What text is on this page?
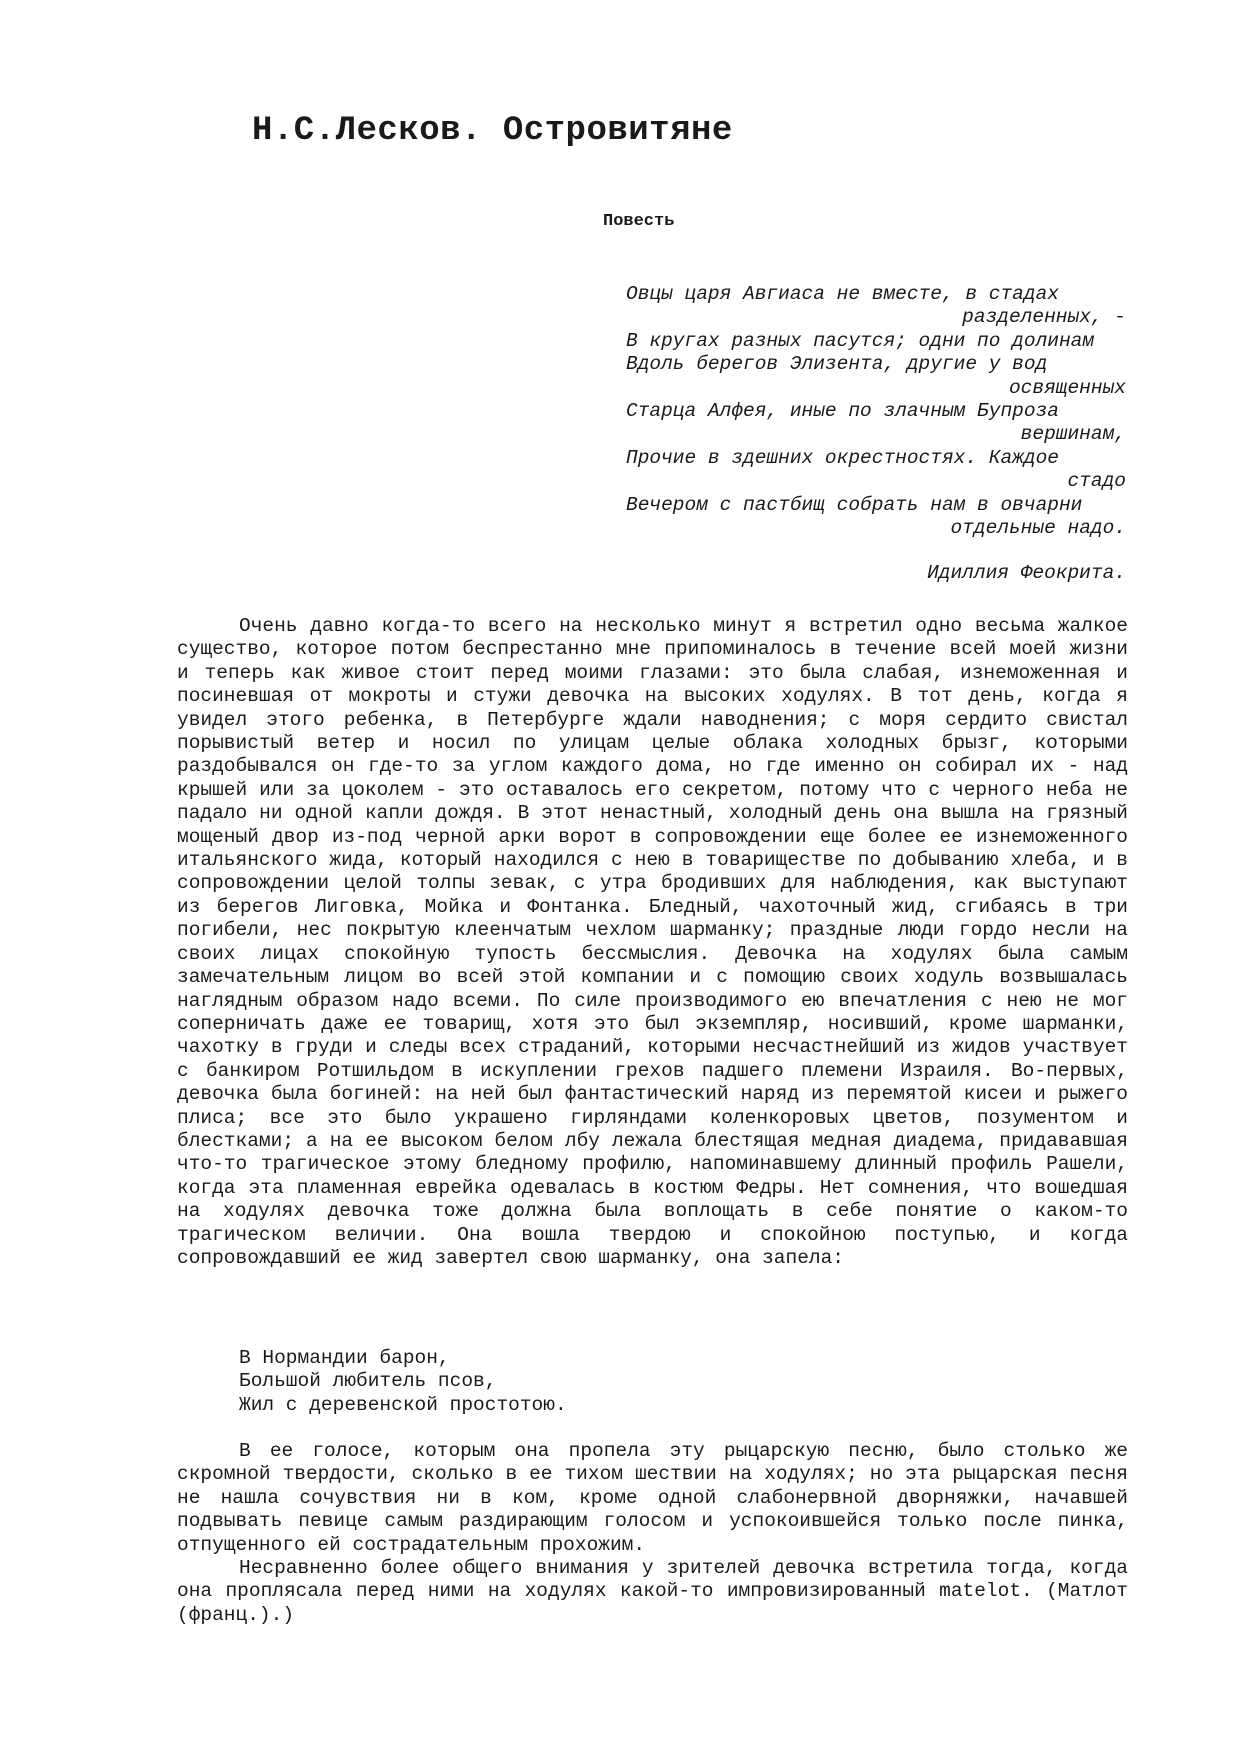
Н.С.Лесков. Островитяне
Повесть
Овцы царя Авгиаса не вместе, в стадах
разделенных, -
В кругах разных пасутся; одни по долинам
Вдоль берегов Элизента, другие у вод
освященных
Старца Алфея, иные по злачным Бупроза
вершинам,
Прочие в здешних окрестностях. Каждое
стадо
Вечером с пастбищ собрать нам в овчарни
отдельные надо.
Идиллия Феокрита.

Очень давно когда-то всего на несколько минут я встретил одно весьма жалкое существо, которое потом беспрестанно мне припоминалось в течение всей моей жизни и теперь как живое стоит перед моими глазами: это была слабая, изнеможенная и посиневшая от мокроты и стужи девочка на высоких ходулях. В тот день, когда я увидел этого ребенка, в Петербурге ждали наводнения; с моря сердито свистал порывистый ветер и носил по улицам целые облака холодных брызг, которыми раздобывался он где-то за углом каждого дома, но где именно он собирал их - над крышей или за цоколем - это оставалось его секретом, потому что с черного неба не падало ни одной капли дождя. В этот ненастный, холодный день она вышла на грязный мощеный двор из-под черной арки ворот в сопровождении еще более ее изнеможенного итальянского жида, который находился с нею в товариществе по добыванию хлеба, и в сопровождении целой толпы зевак, с утра бродивших для наблюдения, как выступают из берегов Лиговка, Мойка и Фонтанка. Бледный, чахоточный жид, сгибаясь в три погибели, нес покрытую клеенчатым чехлом шарманку; праздные люди гордо несли на своих лицах спокойную тупость бессмыслия. Девочка на ходулях была самым замечательным лицом во всей этой компании и с помощию своих ходуль возвышалась наглядным образом надо всеми. По силе производимого ею впечатления с нею не мог соперничать даже ее товарищ, хотя это был экземпляр, носивший, кроме шарманки, чахотку в груди и следы всех страданий, которыми несчастнейший из жидов участвует с банкиром Ротшильдом в искуплении грехов падшего племени Израиля. Во-первых, девочка была богиней: на ней был фантастический наряд из перемятой кисеи и рыжего плиса; все это было украшено гирляндами коленкоровых цветов, позументом и блестками; а на ее высоком белом лбу лежала блестящая медная диадема, придававшая что-то трагическое этому бледному профилю, напоминавшему длинный профиль Рашели, когда эта пламенная еврейка одевалась в костюм Федры. Нет сомнения, что вошедшая на ходулях девочка тоже должна была воплощать в себе понятие о каком-то трагическом величии. Она вошла твердою и спокойною поступью, и когда сопровождавший ее жид завертел свою шарманку, она запела:

В Нормандии барон,
Большой любитель псов,
Жил с деревенской простотою.

В ее голосе, которым она пропела эту рыцарскую песню, было столько же скромной твердости, сколько в ее тихом шествии на ходулях; но эта рыцарская песня не нашла сочувствия ни в ком, кроме одной слабонервной дворняжки, начавшей подвывать певице самым раздирающим голосом и успокоившейся только после пинка, отпущенного ей сострадательным прохожим.

Несравненно более общего внимания у зрителей девочка встретила тогда, когда она проплясала перед ними на ходулях какой-то импровизированный matelot. (Матлот (франц.).)
